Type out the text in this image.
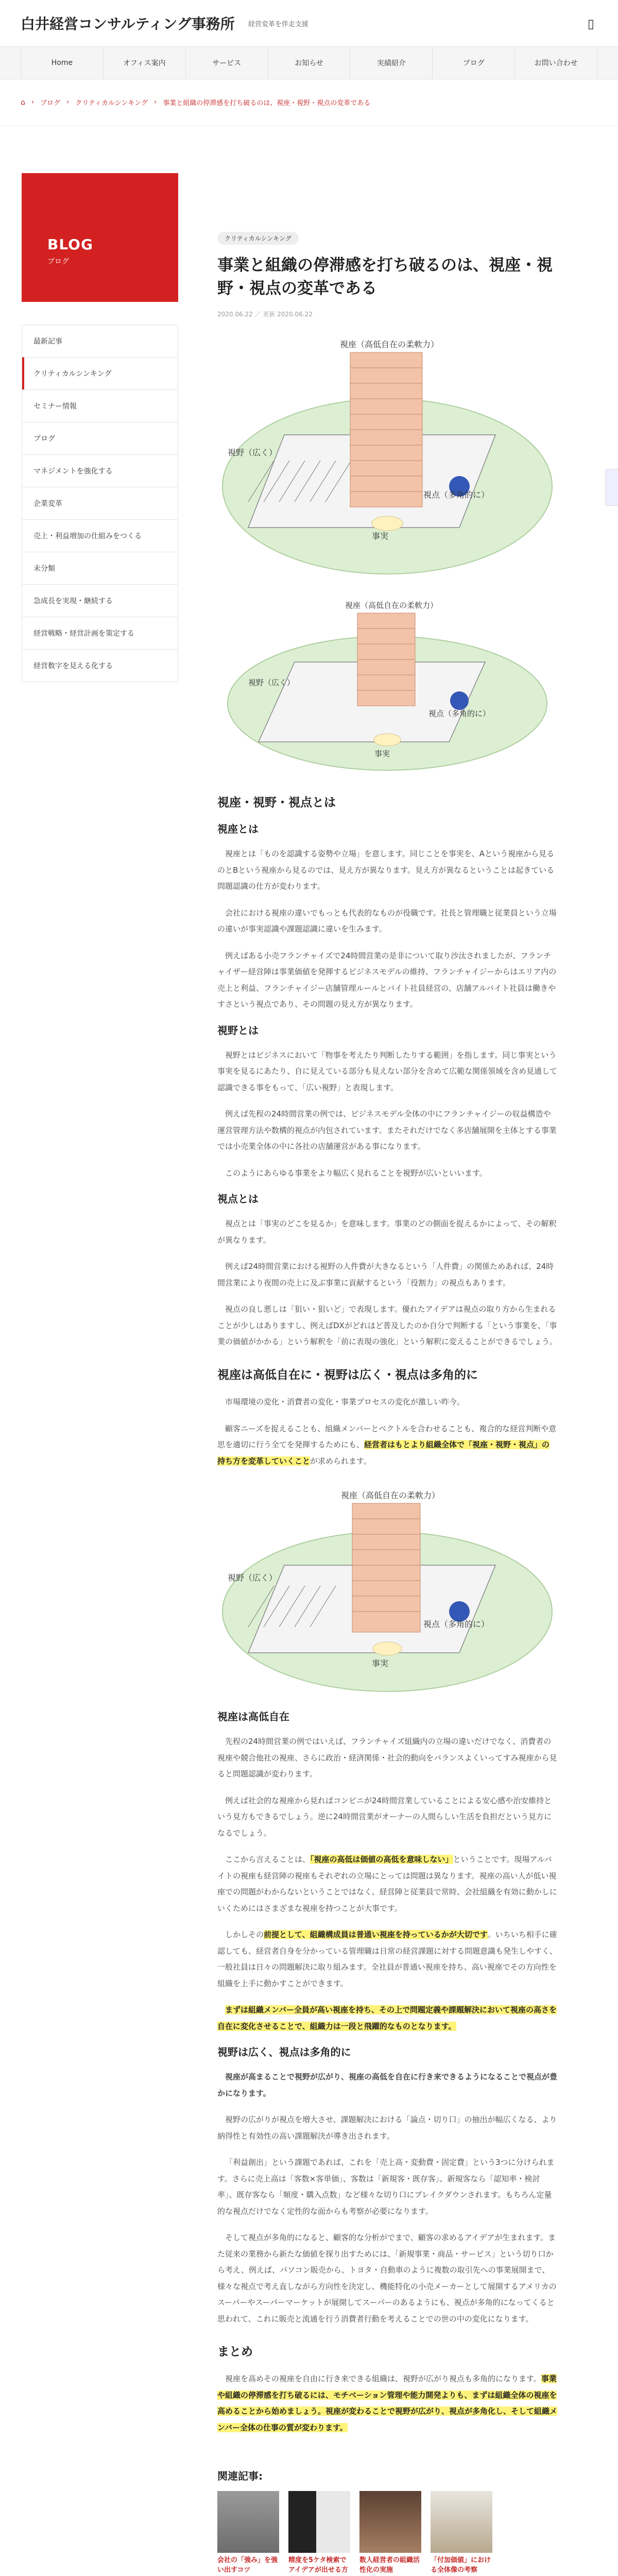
白井経営コンサルティング事務所 経営変革を伴走支援	▯
Home	オフィス案内	サービス	お知らせ	実績紹介	ブログ	お問い合わせ
⌂ › ブログ › クリティカルシンキング › 事業と組織の停滞感を打ち破るのは、視座・視野・視点の変革である
BLOG
ブログ
最新記事
クリティカルシンキング
セミナー情報
ブログ
マネジメントを強化する
企業変革
売上・利益増加の仕組みをつくる
未分類
急成長を実現・継続する
経営戦略・経営計画を策定する
経営数字を見える化する
クリティカルシンキング
事業と組織の停滞感を打ち破るのは、視座・視野・視点の変革である
2020.06.22 ／ 更新 2020.06.22
視座（高低自在の柔軟力）
視野（広く）
視点（多角的に）
事実
視座（高低自在の柔軟力）
視野（広く）
視点（多角的に）
事実
視座・視野・視点とは
視座とは

視座とは「ものを認識する姿勢や立場」を意します。同じことを事実を、Aという視座から見るのとBという視座から見るのでは、見え方が異なります。見え方が異なるということは起きている問題認識の仕方が変わります。

会社における視座の違いでもっとも代表的なものが役職です。社長と管理職と従業員という立場の違いが事実認識や課題認識に違いを生みます。

例えばある小売フランチャイズで24時間営業の是非について取り沙汰されましたが、フランチャイザー経営陣は事業価値を発揮するビジネスモデルの維持、フランチャイジーからはエリア内の売上と利益、フランチャイジー店舗管理ルールとバイト社員経営の、店舗アルバイト社員は働きやすさという視点であり、その問題の見え方が異なります。

視野とは

視野とはビジネスにおいて「物事を考えたり判断したりする範囲」を指します。同じ事実という事実を見るにあたり、自に見えている部分も見えない部分を含めて広範な関係領域を含め見通して認識できる事をもって、「広い視野」と表現します。

例えば先程の24時間営業の例では、ビジネスモデル全体の中にフランチャイジーの収益構造や運営管理方法や数構的視点が内包されています。またそれだけでなく多店舗展開を主体とする事業では小売業全体の中に各社の店舗運営がある事になります。

このようにあらゆる事業をより幅広く見れることを視野が広いといいます。

視点とは

視点とは「事実のどこを見るか」を意味します。事業のどの側面を捉えるかによって、その解釈が異なります。

例えば24時間営業における視野の人件費が大きなるという「人件費」の関係ためあれば、24時間営業により夜間の売上に及ぶ事業に貢献するという「役割力」の視点もあります。

視点の良し悪しは「狙い・狙いど」で表現します。優れたアイデアは視点の取り方から生まれることが少しはありますし、例えばDXがどれほど普及したのか自分で判断する「という事業を、「事業の価値がかかる」という解釈を「前に表現の強化」という解釈に変えることができるでしょう。

視座は高低自在に・視野は広く・視点は多角的に

市場環境の変化・消費者の変化・事業プロセスの変化が激しい昨今。

顧客ニーズを捉えることも、組織メンバーとベクトルを合わせることも、複合的な経営判断や意思を適切に行う全てを発揮するためにも、経営者はもとより組織全体で「視座・視野・視点」の持ち方を変革していくことが求められます。

視座（高低自在の柔軟力）
視野（広く）
視点（多角的に）
事実
視座は高低自在

先程の24時間営業の例ではいえば、フランチャイズ組織内の立場の違いだけでなく、消費者の視座や競合他社の視座、さらに政治・経済関係・社会的動向をバランスよくいってすみ視座から見ると問題認識が変わります。

例えば社会的な視座から見ればコンビニが24時間営業していることによる安心感や治安維持という見方もできるでしょう。逆に24時間営業がオーナーの人間らしい生活を負担だという見方になるでしょう。

ここから言えることは、「視座の高低は価値の高低を意味しない」ということです。現場アルバイトの視座も経営陣の視座もそれぞれの立場にとっては問題は異なります。視座の高い人が低い視座での問題がわからないということではなく、経営陣と従業員で常時、会社組織を有効に動かしにいくためにはさまざまな視座を持つことが大事です。

しかしその前提として、組織構成員は普通い視座を持っているかが大切です。いちいち相手に確認しても、経営者自身を分かっている管理職は日常の経営課題に対する問題意識も発生しやすく、一般社員は日々の問題解決に取り組みます。全社員が普通い視座を持ち、高い視座でその方向性を組織を上手に動かすことができます。

まずは組織メンバー全員が高い視座を持ち、その上で問題定義や課題解決において視座の高さを自在に変化させることで、組織力は一段と飛躍的なものとなります。

視野は広く、視点は多角的に

視座が高まることで視野が広がり、視座の高低を自在に行き来できるようになることで視点が豊かになります。

視野の広がりが視点を増大させ、課題解決における「論点・切り口」の抽出が幅広くなる、より納得性と有効性の高い課題解決が導き出されます。

「利益創出」という課題であれば、これを「売上高・変動費・固定費」という3つに分けられます。さらに売上高は「客数×客単価」、客数は「新規客・既存客」、新規客なら「認知率・検討率」、既存客なら「頻度・購入点数」など様々な切り口にブレイクダウンされます。もちろん定量的な視点だけでなく定性的な面からも考察が必要になります。

そして視点が多角的になると、顧客的な分析がでまで、顧客の求めるアイデアが生まれます。また従来の業務から新たな価値を探り出すためには、「新規事業・商品・サービス」という切り口から考え、例えば、パソコン販売から、トヨタ・自動車のように複数の取引先への事業展開まで、様々な視点で考え直しながら方向性を決定し、機能特化の小売メーカーとして展開するアメリカのスーパーやスーパーマーケットが展開してスーパーのあるようにも、視点が多角的になってくると思われて、これに販売と流通を行う消費者行動を考えることでの世の中の変化になります。

まとめ

視座を高めその視座を自由に行き来できる組織は、視野が広がり視点も多角的になります。事業や組織の停滞感を打ち破るには、モチベーション管理や能力開発よりも、まずは組織全体の視座を高めることから始めましょう。視座が変わることで視野が広がり、視点が多角化し、そして組織メンバー全体の仕事の質が変わります。

関連記事:
会社の「強み」を強い出すコツ
精度を5ケタ検索でアイデアが出せる方
数人経営者の組織活性化の実施
「付加価値」における全体像の考察
